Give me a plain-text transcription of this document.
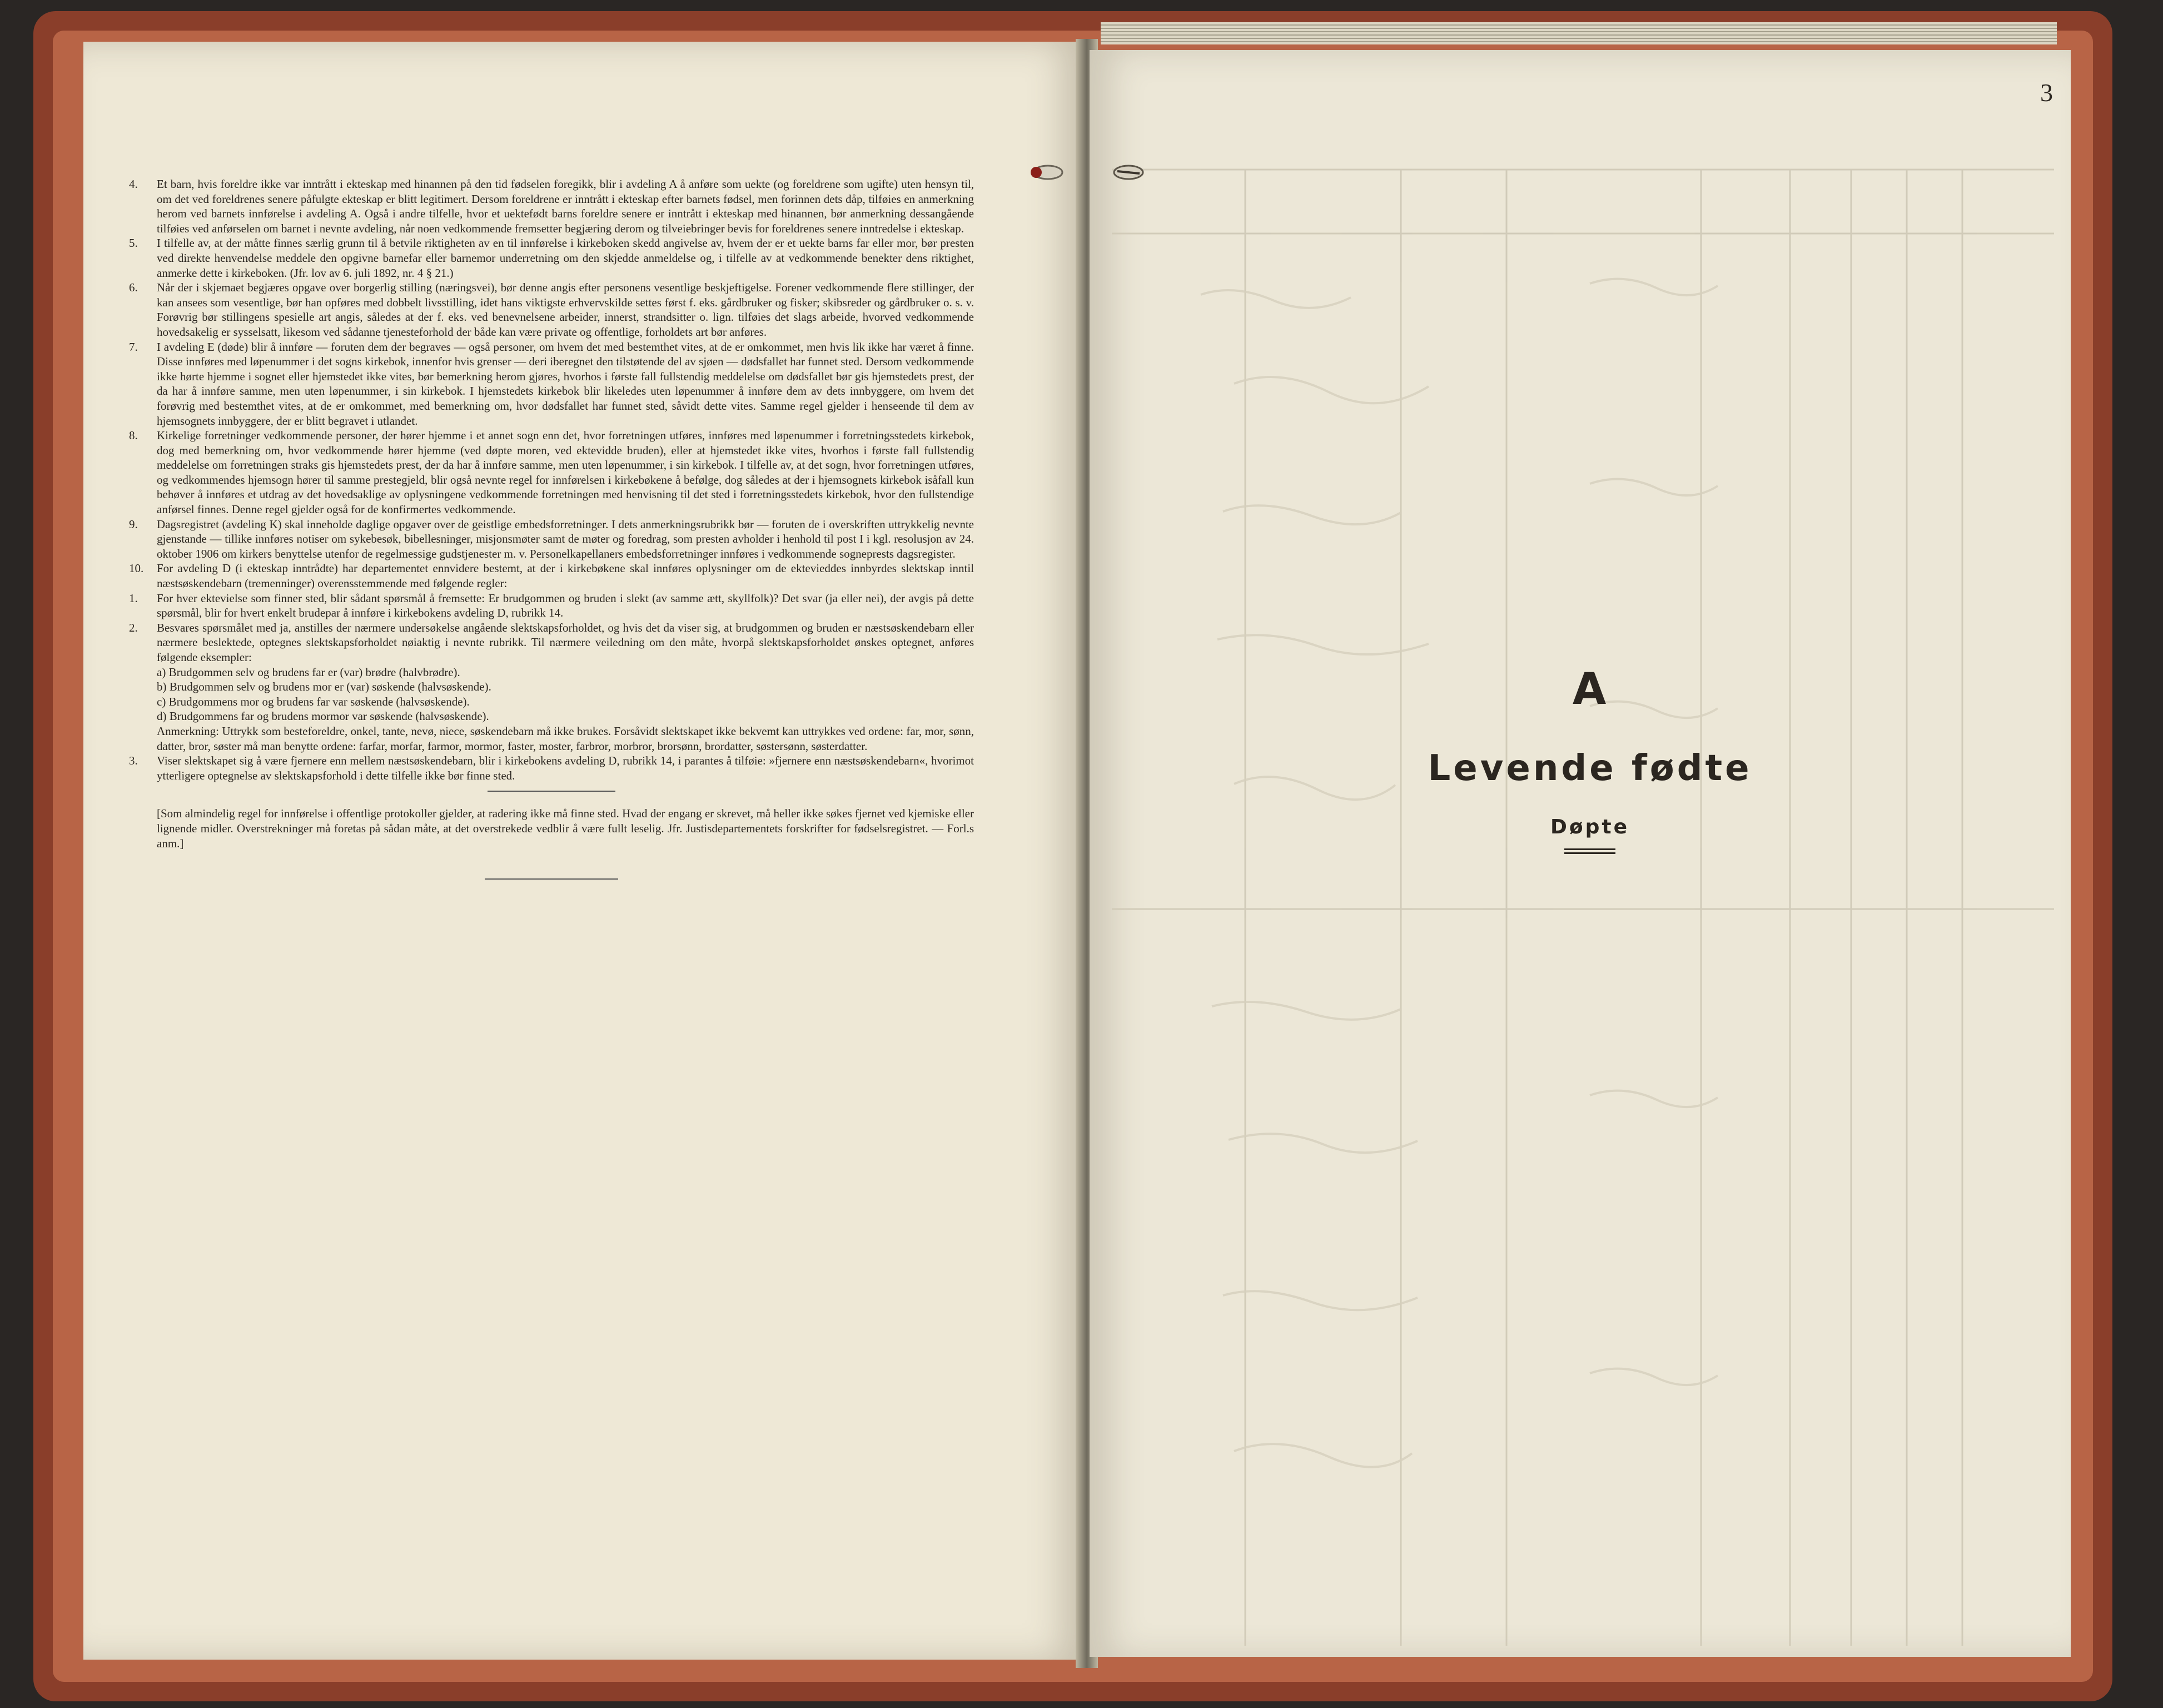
4.	Et barn, hvis foreldre ikke var inntrått i ekteskap med hinannen på den tid fødselen foregikk, blir i avdeling A å anføre som uekte (og foreldrene som ugifte) uten hensyn til, om det ved foreldrenes senere påfulgte ekteskap er blitt legitimert. Dersom foreldrene er inntrått i ekteskap efter barnets fødsel, men forinnen dets dåp, tilføies en anmerkning herom ved barnets innførelse i avdeling A. Også i andre tilfelle, hvor et uektefødt barns foreldre senere er inntrått i ekteskap med hinannen, bør anmerkning dessangående tilføies ved anførselen om barnet i nevnte avdeling, når noen vedkommende fremsetter begjæring derom og tilveiebringer bevis for foreldrenes senere inntredelse i ekteskap.
5.	I tilfelle av, at der måtte finnes særlig grunn til å betvile riktigheten av en til innførelse i kirkeboken skedd angivelse av, hvem der er et uekte barns far eller mor, bør presten ved direkte henvendelse meddele den opgivne barnefar eller barnemor underretning om den skjedde anmeldelse og, i tilfelle av at vedkommende benekter dens riktighet, anmerke dette i kirkeboken. (Jfr. lov av 6. juli 1892, nr. 4 § 21.)
6.	Når der i skjemaet begjæres opgave over borgerlig stilling (næringsvei), bør denne angis efter personens vesentlige beskjeftigelse. Forener vedkommende flere stillinger, der kan ansees som vesentlige, bør han opføres med dobbelt livsstilling, idet hans viktigste erhvervskilde settes først f. eks. gårdbruker og fisker; skibsreder og gårdbruker o. s. v. Forøvrig bør stillingens spesielle art angis, således at der f. eks. ved benevnelsene arbeider, innerst, strandsitter o. lign. tilføies det slags arbeide, hvorved vedkommende hovedsakelig er sysselsatt, likesom ved sådanne tjenesteforhold der både kan være private og offentlige, forholdets art bør anføres.
7.	I avdeling E (døde) blir å innføre — foruten dem der begraves — også personer, om hvem det med bestemthet vites, at de er omkommet, men hvis lik ikke har været å finne. Disse innføres med løpenummer i det sogns kirkebok, innenfor hvis grenser — deri iberegnet den tilstøtende del av sjøen — dødsfallet har funnet sted. Dersom vedkommende ikke hørte hjemme i sognet eller hjemstedet ikke vites, bør bemerkning herom gjøres, hvorhos i første fall fullstendig meddelelse om dødsfallet bør gis hjemstedets prest, der da har å innføre samme, men uten løpenummer, i sin kirkebok. I hjemstedets kirkebok blir likeledes uten løpenummer å innføre dem av dets innbyggere, om hvem det forøvrig med bestemthet vites, at de er omkommet, med bemerkning om, hvor dødsfallet har funnet sted, såvidt dette vites. Samme regel gjelder i henseende til dem av hjemsognets innbyggere, der er blitt begravet i utlandet.
8.	Kirkelige forretninger vedkommende personer, der hører hjemme i et annet sogn enn det, hvor forretningen utføres, innføres med løpenummer i forretningsstedets kirkebok, dog med bemerkning om, hvor vedkommende hører hjemme (ved døpte moren, ved ektevidde bruden), eller at hjemstedet ikke vites, hvorhos i første fall fullstendig meddelelse om forretningen straks gis hjemstedets prest, der da har å innføre samme, men uten løpenummer, i sin kirkebok. I tilfelle av, at det sogn, hvor forretningen utføres, og vedkommendes hjemsogn hører til samme prestegjeld, blir også nevnte regel for innførelsen i kirkebøkene å befølge, dog således at der i hjemsognets kirkebok isåfall kun behøver å innføres et utdrag av det hovedsaklige av oplysningene vedkommende forretningen med henvisning til det sted i forretningsstedets kirkebok, hvor den fullstendige anførsel finnes. Denne regel gjelder også for de konfirmertes vedkommende.
9.	Dagsregistret (avdeling K) skal inneholde daglige opgaver over de geistlige embedsforretninger. I dets anmerkningsrubrikk bør — foruten de i overskriften uttrykkelig nevnte gjenstande — tillike innføres notiser om sykebesøk, bibellesninger, misjonsmøter samt de møter og foredrag, som presten avholder i henhold til post I i kgl. resolusjon av 24. oktober 1906 om kirkers benyttelse utenfor de regelmessige gudstjenester m. v. Personelkapellaners embedsforretninger innføres i vedkommende sogneprests dagsregister.
10.	For avdeling D (i ekteskap inntrådte) har departementet ennvidere bestemt, at der i kirkebøkene skal innføres oplysninger om de ektevieddes innbyrdes slektskap inntil næstsøskendebarn (tremenninger) overensstemmende med følgende regler:
1.	For hver ektevielse som finner sted, blir sådant spørsmål å fremsette: Er brudgommen og bruden i slekt (av samme ætt, skyllfolk)? Det svar (ja eller nei), der avgis på dette spørsmål, blir for hvert enkelt brudepar å innføre i kirkebokens avdeling D, rubrikk 14.
2.	Besvares spørsmålet med ja, anstilles der nærmere undersøkelse angående slektskapsforholdet, og hvis det da viser sig, at brudgommen og bruden er næstsøskendebarn eller nærmere beslektede, optegnes slektskapsforholdet nøiaktig i nevnte rubrikk. Til nærmere veiledning om den måte, hvorpå slektskapsforholdet ønskes optegnet, anføres følgende eksempler:
a) Brudgommen selv og brudens far er (var) brødre (halvbrødre).
b) Brudgommen selv og brudens mor er (var) søskende (halvsøskende).
c) Brudgommens mor og brudens far var søskende (halvsøskende).
d) Brudgommens far og brudens mormor var søskende (halvsøskende).
Anmerkning: Uttrykk som besteforeldre, onkel, tante, nevø, niece, søskendebarn må ikke brukes. Forsåvidt slektskapet ikke bekvemt kan uttrykkes ved ordene: far, mor, sønn, datter, bror, søster må man benytte ordene: farfar, morfar, farmor, mormor, faster, moster, farbror, morbror, brorsønn, brordatter, søstersønn, søsterdatter.
3.	Viser slektskapet sig å være fjernere enn mellem næstsøskendebarn, blir i kirkebokens avdeling D, rubrikk 14, i parantes å tilføie: »fjernere enn næstsøskendebarn«, hvorimot ytterligere optegnelse av slektskapsforhold i dette tilfelle ikke bør finne sted.
[Som almindelig regel for innførelse i offentlige protokoller gjelder, at radering ikke må finne sted. Hvad der engang er skrevet, må heller ikke søkes fjernet ved kjemiske eller lignende midler. Overstrekninger må foretas på sådan måte, at det overstrekede vedblir å være fullt leselig. Jfr. Justisdepartementets forskrifter for fødselsregistret. — Forl.s anm.]
3
A
Levende fødte
Døpte
